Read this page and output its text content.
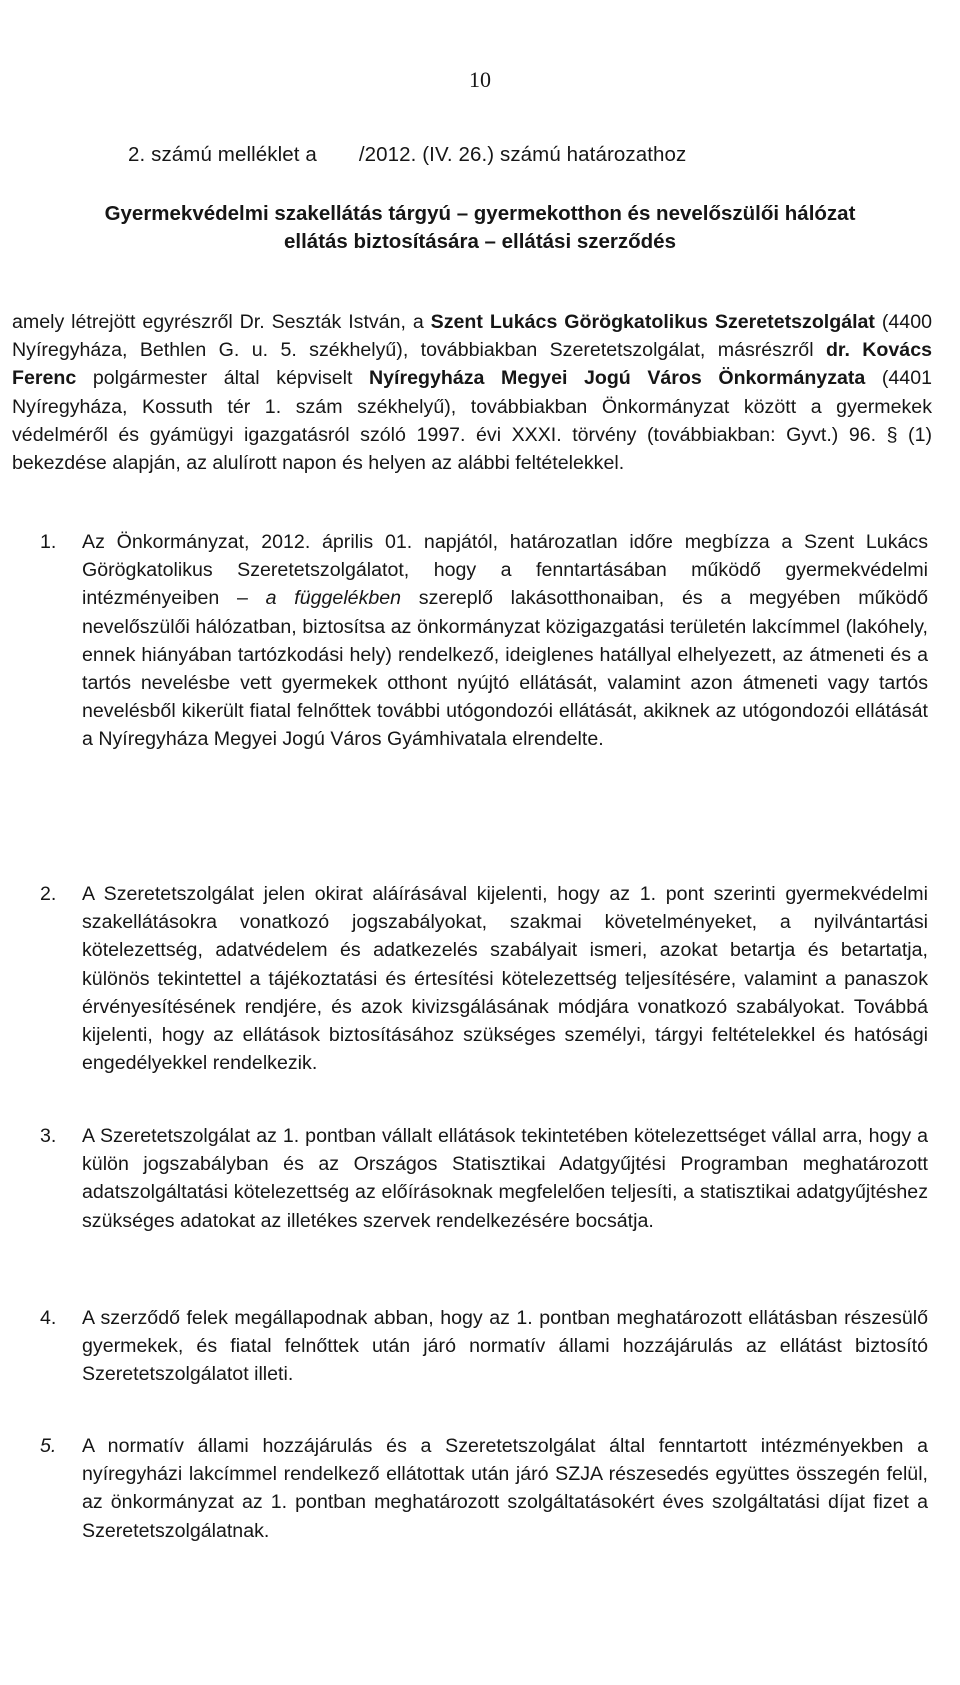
10
2. számú melléklet a /2012. (IV. 26.) számú határozathoz
Gyermekvédelmi szakellátás tárgyú – gyermekotthon és nevelőszülői hálózat
ellátás biztosítására – ellátási szerződés

amely létrejött egyrészről Dr. Seszták István, a Szent Lukács Görögkatolikus Szeretetszolgálat (4400 Nyíregyháza, Bethlen G. u. 5. székhelyű), továbbiakban Szeretetszolgálat, másrészről dr. Kovács Ferenc polgármester által képviselt Nyíregyháza Megyei Jogú Város Önkormányzata (4401 Nyíregyháza, Kossuth tér 1. szám székhelyű), továbbiakban Önkormányzat között a gyermekek védelméről és gyámügyi igazgatásról szóló 1997. évi XXXI. törvény (továbbiakban: Gyvt.) 96. § (1) bekezdése alapján, az alulírott napon és helyen az alábbi feltételekkel.

1. Az Önkormányzat, 2012. április 01. napjától, határozatlan időre megbízza a Szent Lukács Görögkatolikus Szeretetszolgálatot, hogy a fenntartásában működő gyermekvédelmi intézményeiben – a függelékben szereplő lakásotthonaiban, és a megyében működő nevelőszülői hálózatban, biztosítsa az önkormányzat közigazgatási területén lakcímmel (lakóhely, ennek hiányában tartózkodási hely) rendelkező, ideiglenes hatállyal elhelyezett, az átmeneti és a tartós nevelésbe vett gyermekek otthont nyújtó ellátását, valamint azon átmeneti vagy tartós nevelésből kikerült fiatal felnőttek további utógondozói ellátását, akiknek az utógondozói ellátását a Nyíregyháza Megyei Jogú Város Gyámhivatala elrendelte.

2. A Szeretetszolgálat jelen okirat aláírásával kijelenti, hogy az 1. pont szerinti gyermekvédelmi szakellátásokra vonatkozó jogszabályokat, szakmai követelményeket, a nyilvántartási kötelezettség, adatvédelem és adatkezelés szabályait ismeri, azokat betartja és betartatja, különös tekintettel a tájékoztatási és értesítési kötelezettség teljesítésére, valamint a panaszok érvényesítésének rendjére, és azok kivizsgálásának módjára vonatkozó szabályokat. Továbbá kijelenti, hogy az ellátások biztosításához szükséges személyi, tárgyi feltételekkel és hatósági engedélyekkel rendelkezik.

3. A Szeretetszolgálat az 1. pontban vállalt ellátások tekintetében kötelezettséget vállal arra, hogy a külön jogszabályban és az Országos Statisztikai Adatgyűjtési Programban meghatározott adatszolgáltatási kötelezettség az előírásoknak megfelelően teljesíti, a statisztikai adatgyűjtéshez szükséges adatokat az illetékes szervek rendelkezésére bocsátja.

4. A szerződő felek megállapodnak abban, hogy az 1. pontban meghatározott ellátásban részesülő gyermekek, és fiatal felnőttek után járó normatív állami hozzájárulás az ellátást biztosító Szeretetszolgálatot illeti.

5. A normatív állami hozzájárulás és a Szeretetszolgálat által fenntartott intézményekben a nyíregyházi lakcímmel rendelkező ellátottak után járó SZJA részesedés együttes összegén felül, az önkormányzat az 1. pontban meghatározott szolgáltatásokért éves szolgáltatási díjat fizet a Szeretetszolgálatnak.
